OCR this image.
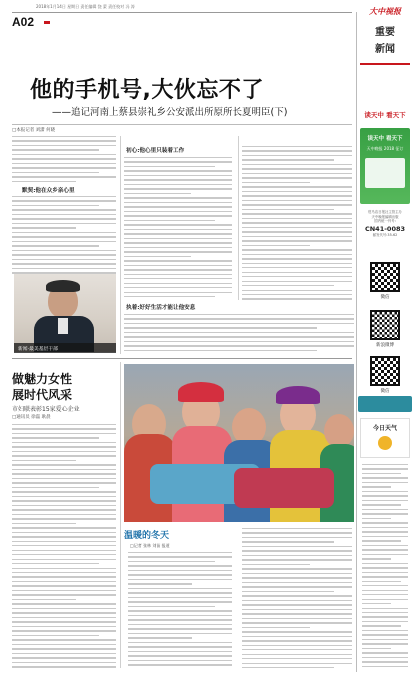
2018年1月14日 星期日 责任编辑 饶 蒙 责任校对 冯 涛
A02
大中视报
重要
新闻
他的手机号,大伙忘不了
——追记河南上蔡县崇礼乡公安派出所原所长夏明臣(下)
□本报记者 刘潇 何晓
默契:他在众乡亲心里
新闻·最美基层干部
初心:他心里只装着工作
执着:好好生活才能让他安息
做魅力女性
展时代风采
市妇联表彰15家爱心企业
□通讯员 徐磊 耿晨
温暖的冬天
□记者 张林 刘苗 报道
读天中 看天下
读天中 看天下
天中晚报 2018 征订
驻马店日报社主管主办
天中晚报编辑出版
国内统一刊号:
CN41-0083
邮发代号:35-62
微信
新浪微博
微信
今日天气
